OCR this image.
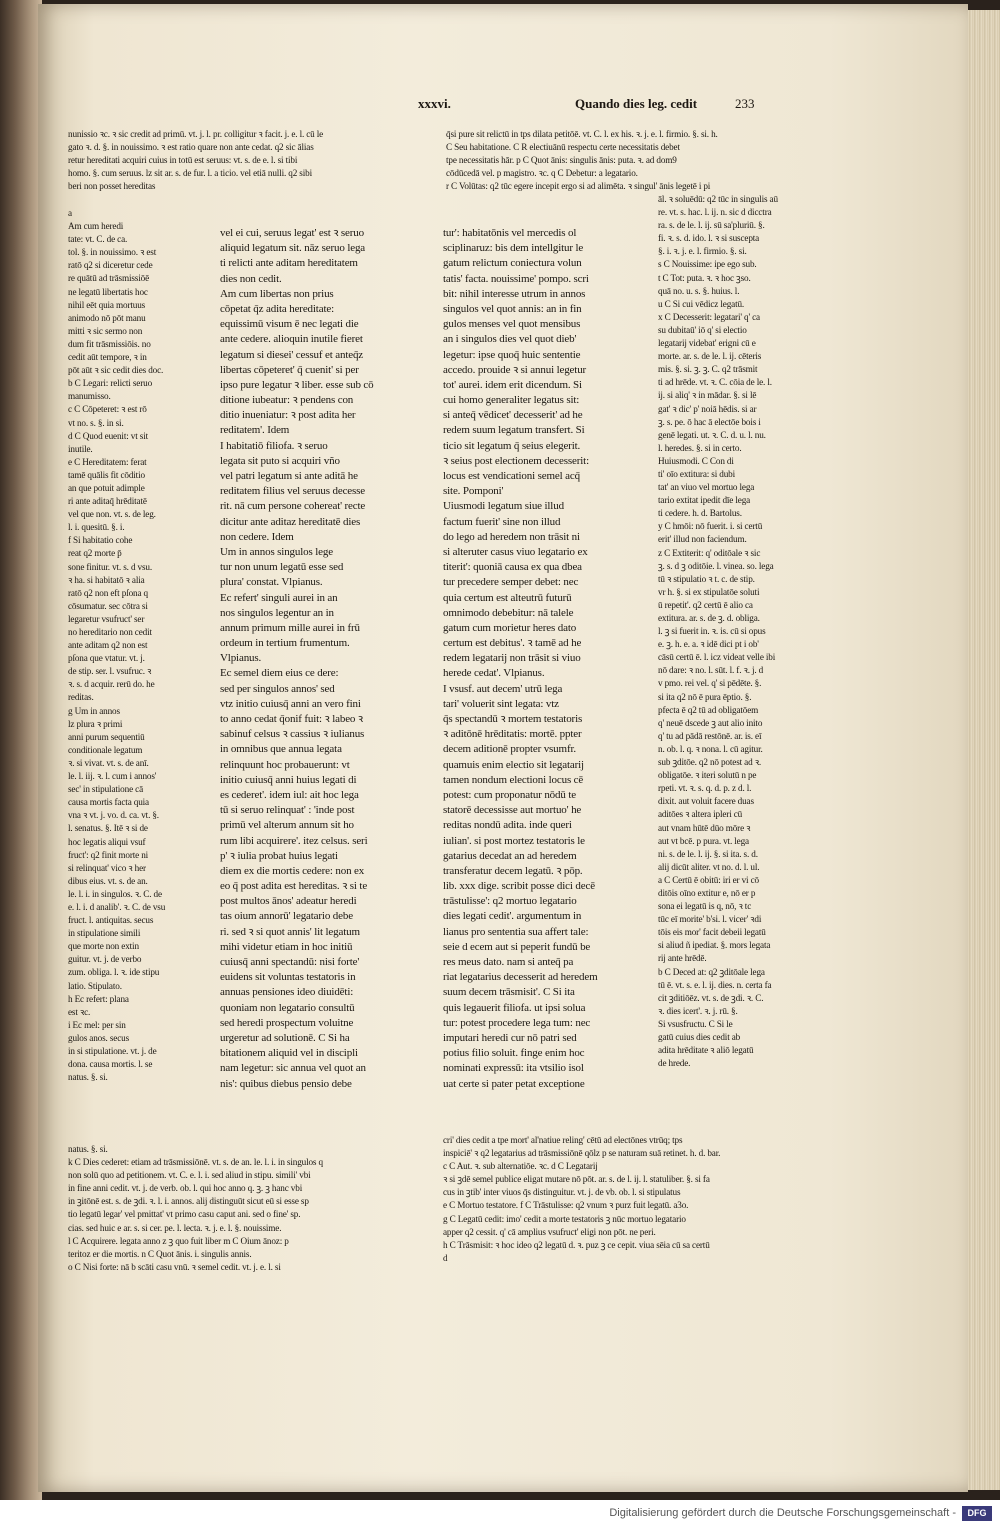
xxxvi.	Quando dies leg. cedit	233
nunissio ꝛc. ꝛ sic credit ad primū. vt. j. l. pr. colligitur ꝛ facit. j. e. l. cū le
gato ꝛ. d. §. in nouissimo. ꝛ est ratio quare non ante cedat. q2 sic ālias
retur hereditati acquiri cuius in totū est seruus: vt. s. de e. l. si tibi
homo. §. cum seruus. lz sit ar. s. de fur. l. a ticio. vel etiā nulli. q2 sibi
beri non posset hereditas
a
Am cum heredi
tate: vt. C. de ca.
tol. §. in nouissimo. ꝛ est
ratō q2 si diceretur cede
re quātū ad trāsmissiōē
ne legatū libertatis hoc
nihil eēt quia mortuus
animodo nō pōt manu
mitti ꝛ sic sermo non
dum fit trāsmissiōis. no
cedit aūt tempore, ꝛ in
pōt aūt ꝛ sic cedit dies doc.
b C Legari: relicti seruo
manumisso.
c C Cōpeteret: ꝛ est rō
vt no. s. §. in si.
d C Quod euenit: vt sit
inutile.
e C Hereditatem: ferat
tamē quālis fit cōditio
an que potuit adimple
ri ante aditaq̄ hrēditatē
vel que non. vt. s. de leg.
l. i. quesitū. §. i.
f Si habitatio cohe
reat q2 morte p̄
sone finitur. vt. s. d vsu.
ꝛ ha. si habitatō ꝛ alia
ratō q2 non eft pſona q
cōsumatur. sec cōtra si
legaretur vsufruct' ser
no hereditario non cedit
ante aditam q2 non est
pſona que vtatur. vt. j.
de stip. ser. l. vsufruc. ꝛ
ꝛ. s. d acquir. rerū do. he
reditas.
g Um in annos
lz plura ꝛ primi
anni purum sequentiū
conditionale legatum
ꝛ. si vivat. vt. s. de anī.
le. l. iij. ꝛ. l. cum i annos'
sec' in stipulatione cā
causa mortis facta quia
vna ꝛ vt. j. vo. d. ca. vt. §.
l. senatus. §. Itē ꝛ si de
hoc legatis aliqui vsuf
fruct': q2 finit morte ni
si relinquat' vico ꝛ her
dibus eius. vt. s. de an.
le. l. i. in singulos. ꝛ. C. de
e. l. i. d analib'. ꝛ. C. de vsu
fruct. l. antiquitas. secus
in stipulatione simili
que morte non extin
guitur. vt. j. de verbo
zum. obliga. l. ꝛ. ide stipu
latio. Stipulato.
h Ec refert: plana
est ꝛc.
i Ec mel: per sin
gulos anos. secus
in si stipulatione. vt. j. de
dona. causa mortis. l. se
natus. §. si.
vel ei cui, seruus legat' est ꝛ seruo
aliquid legatum sit. nāz seruo lega
ti relicti ante aditam hereditatem
dies non cedit.
Am cum libertas non prius
cōpetat q̄z adita hereditate:
equissimū visum ē nec legati die
ante cedere. alioquin inutile fieret
legatum si diesei' cessuf et anteq̄z
libertas cōpeteret' q̄ cuenit' si per
ipso pure legatur ꝛ liber. esse sub cō
ditione iubeatur: ꝛ pendens con
ditio inueniatur: ꝛ post adita her
reditatem'. Idem
I habitatiō filiofa. ꝛ seruo
legata sit puto si acquiri vño
vel patri legatum si ante aditā he
reditatem filius vel seruus decesse
rit. nā cum persone cohereat' recte
dicitur ante aditaz hereditatē dies
non cedere. Idem
Um in annos singulos lege
tur non unum legatū esse sed
plura' constat. Vlpianus.
Ec refert' singuli aurei in an
nos singulos legentur an in
annum primum mille aurei in frū
ordeum in tertium frumentum.
Vlpianus.
Ec semel diem eius ce dere:
sed per singulos annos' sed
vtz initio cuiusq̄ anni an vero fini
to anno cedat q̄onif fuit: ꝛ labeo ꝛ
sabinuf celsus ꝛ cassius ꝛ iulianus
in omnibus que annua legata
relinquunt hoc probauerunt: vt
initio cuiusq̄ anni huius legati di
es cederet'. idem iul: ait hoc lega
tū si seruo relinquat' : 'inde post
primū vel alterum annum sit ho
rum libi acquirere'. itez celsus. seri
p' ꝛ iulia probat huius legati
diem ex die mortis cedere: non ex
eo q̄ post adita est hereditas. ꝛ si te
post multos ānos' adeatur heredi
tas oium annorū' legatario debe
ri. sed ꝛ si quot annis' lit legatum
mihi videtur etiam in hoc initiū
cuiusq̄ anni spectandū: nisi forte'
euidens sit voluntas testatoris in
annuas pensiones ideo diuidēti:
quoniam non legatario consultū
sed heredi prospectum voluitne
urgeretur ad solutionē. C Si ha
bitationem aliquid vel in discipli
nam legetur: sic annua vel quot an
nis': quibus diebus pensio debe
q̄si pure sit relictū in tps dilata petitōē. vt. C. l. ex his. ꝛ. j. e. l. firmio. §. si. h.
C Seu habitatione. C R electiuānū respectu certe necessitatis debet
tpe necessitatis hār. p C Quot ānis: singulis ānis: puta. ꝛ. ad dom9
cōdūcedā vel. p magistro. ꝛc. q C Debetur: a legatario.
r C Volūtas: q2 tūc egere incepit ergo si ad alimēta. ꝛ singul' ānis legetē i pi
tur': habitatōnis vel mercedis ol
sciplinaruz: bis dem intellgitur le
gatum relictum coniectura volun
tatis' facta. nouissime' pompo. scri
bit: nihil interesse utrum in annos
singulos vel quot annis: an in fin
gulos menses vel quot mensibus
an i singulos dies vel quot dieb'
legetur: ipse quoq̄ huic sententie
accedo. prouide ꝛ si annui legetur
tot' aurei. idem erit dicendum. Si
cui homo generaliter legatus sit:
si anteq̄ vēdicet' decesserit' ad he
redem suum legatum transfert. Si
ticio sit legatum q̄ seius elegerit.
ꝛ seius post electionem decesserit:
locus est vendicationi semel acq̄
site. Pomponi'
Uiusmodi legatum siue illud
factum fuerit' sine non illud
do lego ad heredem non trāsit ni
si alteruter casus viuo legatario ex
titerit': quoniā causa ex qua dbea
tur precedere semper debet: nec
quia certum est alteutrū futurū
omnimodo debebitur: nā talele
gatum cum morietur heres dato
certum est debitus'. ꝛ tamē ad he
redem legatarij non trāsit si viuo
herede cedat'. Vlpianus.
I vsusf. aut decem' utrū lega
tari' voluerit sint legata: vtz
q̄s spectandū ꝛ mortem testatoris
ꝛ aditōnē hrēditatis: mortē. ppter
decem aditionē propter vsumfr.
quamuis enim electio sit legatarij
tamen nondum electioni locus cē
potest: cum proponatur nōdū te
statorē decessisse aut mortuo' he
reditas nondū adita. inde queri
iulian'. si post mortez testatoris le
gatarius decedat an ad heredem
transferatur decem legatū. ꝛ pōp.
lib. xxx dige. scribit posse dici decē
trāstulisse': q2 mortuo legatario
dies legati cedit'. argumentum in
lianus pro sententia sua affert tale:
seie d ecem aut si peperit fundū be
res meus dato. nam si anteq̄ pa
riat legatarius decesserit ad heredem
suum decem trāsmisit'. C Si ita
quis legauerit filiofa. ut ipsi solua
tur: potest procedere lega tum: nec
imputari heredi cur nō patri sed
potius filio soluit. finge enim hoc
nominati expressū: ita vtsilio isol
uat certe si pater petat exceptione
āl. ꝛ soluēdū: q2 tūc in singulis aū
re. vt. s. hac. l. ij. n. sic d dicctra
ra. s. de le. l. ij. sū sa'pluriū. §.
fi. ꝛ. s. d. ido. l. ꝛ si suscepta
§. i. ꝛ. j. e. l. firmio. §. si.
s C Nouissime: ipe ego sub.
t C Tot: puta. ꝛ. ꝛ hoc ꝫso.
quā no. u. s. §. huius. l.
u C Si cui vēdicz legatū.
x C Decesserit: legatari' q' ca
su dubitaū' iō q' si electio
legatarij videbat' erigni cū e
morte. ar. s. de le. l. ij. cēteris
mis. §. si. ꝫ. ꝫ. C. q2 trāsmit
ti ad hrēde. vt. ꝛ. C. cōia de le. l.
ij. si aliq' ꝛ in mādar. §. si lē
gat' ꝛ dic' p' noiā hēdis. si ar
ꝫ. s. pe. ō hac ā electōe bois i
genē legati. ut. ꝛ. C. d. u. l. nu.
l. heredes. §. si in certo.
Huiusmodi. C Con di
ti' oīo extitura: si dubi
tat' an viuo vel mortuo lega
tario extitat ipedit dīe lega
ti cedere. h. d. Bartolus.
y C hmōi: nō fuerit. i. si certū
erit' illud non faciendum.
z C Extiterit: q' oditōale ꝛ sic
ꝫ. s. d ꝫ oditōie. l. vinea. so. lega
tū ꝛ stipulatio ꝛ t. c. de stip.
vr h. §. si ex stipulatōe soluti
ū repetit'. q2 certū ē alio ca
extitura. ar. s. de ꝫ. d. obliga.
l. ꝫ si fuerit in. ꝛ. is. cū si opus
e. ꝫ. h. e. a. ꝛ idē dici pt i ob'
cāsū certū ē. l. icz videat velle ibi
nō dare: ꝛ no. l. sūt. l. f. ꝛ. j. d
v pmo. rei vel. q' si pēdēte. §.
si ita q2 nō ē pura ēptio. §.
pfecta ē q2 tū ad obligatōem
q' neuē dscede ꝫ aut alio inito
q' tu ad pādā restōnē. ar. is. eī
n. ob. l. q. ꝛ nona. l. cū agitur.
sub ꝫditōe. q2 nō potest ad ꝛ.
obligatōe. ꝛ iteri solutū n pe
rpeti. vt. ꝛ. s. q. d. p. z d. l.
dixit. aut voluit facere duas
aditōes ꝛ altera ipleri cū
aut vnam hūtē dūo mōre ꝛ
aut vt bcē. p pura. vt. lega
ni. s. de le. l. ij. §. si ita. s. d.
alij dicūt aliter. vt no. d. l. ul.
a C Certū ē obitū: iri er vi cō
ditōis oīno extitur e, nō er p
sona ei legatū is q, nō, ꝛ tc
tūc eī morite' b'si. l. vicer' ꝛdi
tōis eis mor' facit debeii legatū
si aliud ñ ipediat. §. mors legata
rij ante hrēdē.
b C Deced at: q2 ꝫditōale lega
tū ē. vt. s. e. l. ij. dies. n. certa fa
cit ꝫditiōēz. vt. s. de ꝫdi. ꝛ. C.
ꝛ. dies icert'. ꝛ. j. rū. §.
Si vsusfructu. C Si le
gatū cuius dies cedit ab
adita hrēditate ꝛ aliō legatū
de hrede.
natus. §. si.
k C Dies cederet: etiam ad trāsmissiōnē. vt. s. de an. le. l. i. in singulos q
non solū quo ad petitionem. vt. C. e. l. i. sed aliud in stipu. simili' vbi
in fine anni cedit. vt. j. de verb. ob. l. qui hoc anno q. ꝫ. ꝫ hanc vbi
in ꝫitōnē est. s. de ꝫdi. ꝛ. l. i. annos. alij distinguūt sicut eū si esse sp
tio legatū legar' vel pmittat' vt primo casu caput ani. sed o fine' sp.
cias. sed huic e ar. s. si cer. pe. l. lecta. ꝛ. j. e. l. §. nouissime.
l C Acquirere. legata anno z ꝫ quo fuit liber m C Oium ānoz: p
teritoz er die mortis. n C Quot ānis. i. singulis annis.
o C Nisi forte: nā b scāti casu vnū. ꝛ semel cedit. vt. j. e. l. si
cri' dies cedit a tpe mort' al'natiue reling' cētū ad electōnes vtrūq; tps
inspiciē' ꝛ q2 legatarius ad trāsmissiōnē qōlz p se naturam suā retinet. h. d. bar.
c C Aut. ꝛ. sub alternatiōe. ꝛc. d C Legatarij
ꝛ si ꝫdē semel publice eligat mutare nō pōt. ar. s. de l. ij. l. statuliber. §. si fa
cus in ꝫtib' inter viuos q̄s distinguitur. vt. j. de vb. ob. l. si stipulatus
e C Mortuo testatore. f C Trāstulisse: q2 vnum ꝛ purz fuit legatū. a3o.
g C Legatū cedit: imo' cedit a morte testatoris ꝫ nūc mortuo legatario
apper q2 cessit. q' cā amplius vsufruct' eligi non pōt. ne peri.
h C Trāsmisit: ꝛ hoc ideo q2 legatū d. ꝛ. puz ꝫ ce cepit. viua sēia cū sa certū
d
Digitalisierung gefördert durch die Deutsche Forschungsgemeinschaft -	DFG
